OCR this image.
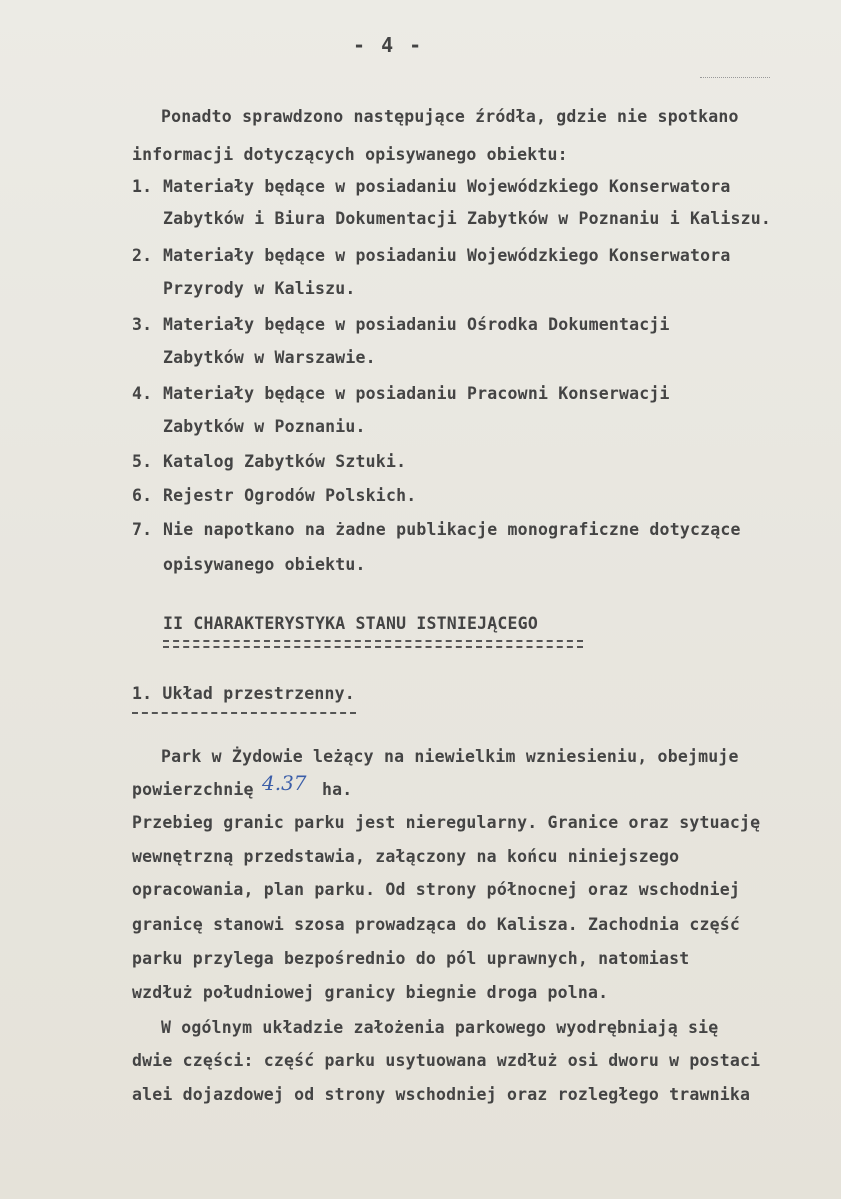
- 4 -
Ponadto sprawdzono następujące źródła, gdzie nie spotkano
informacji dotyczących opisywanego obiektu:
1. Materiały będące w posiadaniu Wojewódzkiego Konserwatora
Zabytków i Biura Dokumentacji Zabytków w Poznaniu i Kaliszu.
2. Materiały będące w posiadaniu Wojewódzkiego Konserwatora
Przyrody w Kaliszu.
3. Materiały będące w posiadaniu Ośrodka Dokumentacji
Zabytków w Warszawie.
4. Materiały będące w posiadaniu Pracowni Konserwacji
Zabytków w Poznaniu.
5. Katalog Zabytków Sztuki.
6. Rejestr Ogrodów Polskich.
7. Nie napotkano na żadne publikacje monograficzne dotyczące
opisywanego obiektu.
II CHARAKTERYSTYKA STANU ISTNIEJĄCEGO
1. Układ przestrzenny.
Park w Żydowie leżący na niewielkim wzniesieniu, obejmuje
powierzchnię 4.37 ha.
Przebieg granic parku jest nieregularny. Granice oraz sytuację
wewnętrzną przedstawia, załączony na końcu niniejszego
opracowania, plan parku. Od strony północnej oraz wschodniej
granicę stanowi szosa prowadząca do Kalisza. Zachodnia część
parku przylega bezpośrednio do pól uprawnych, natomiast
wzdłuż południowej granicy biegnie droga polna.
W ogólnym układzie założenia parkowego wyodrębniają się
dwie części: część parku usytuowana wzdłuż osi dworu w postaci
alei dojazdowej od strony wschodniej oraz rozległego trawnika
